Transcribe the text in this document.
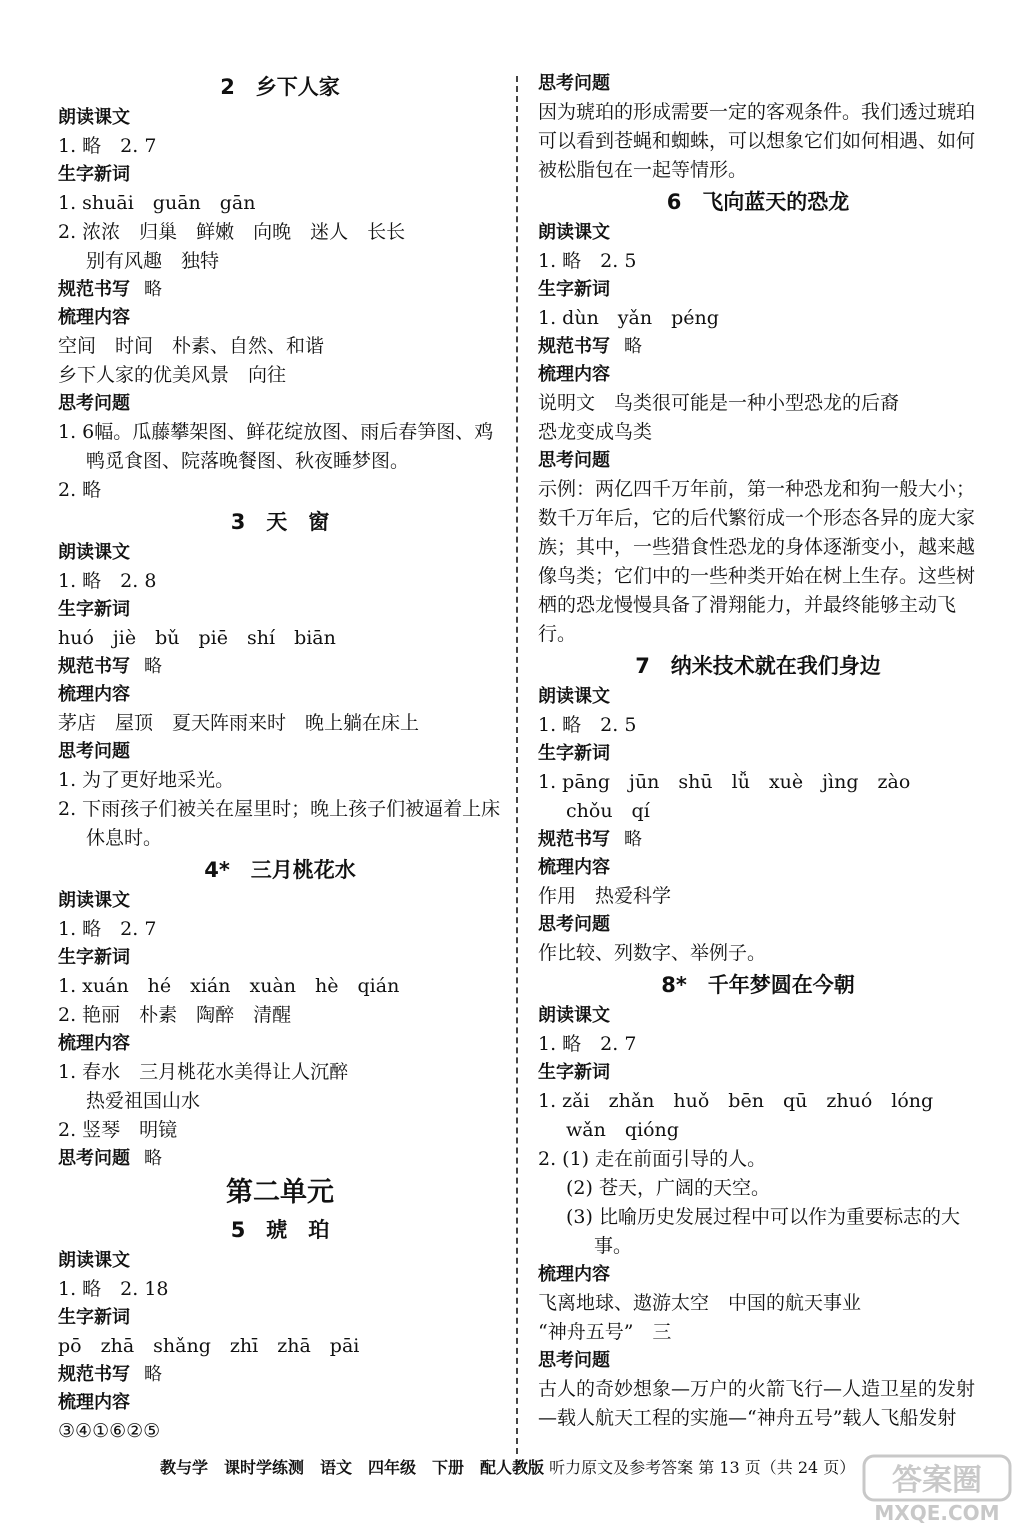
2　乡下人家
朗读课文
1. 略　2. 7
生字新词
1. shuāi　guān　gān
2. 浓浓　归巢　鲜嫩　向晚　迷人　长长
别有风趣　独特
规范书写 略
梳理内容
空间　时间　朴素、自然、和谐
乡下人家的优美风景　向往
思考问题
1. 6幅。瓜藤攀架图、鲜花绽放图、雨后春笋图、鸡鸭觅食图、院落晚餐图、秋夜睡梦图。
2. 略
3　天　窗
朗读课文
1. 略　2. 8
生字新词
huó　jiè　bǔ　piē　shí　biān
规范书写 略
梳理内容
茅店　屋顶　夏天阵雨来时　晚上躺在床上
思考问题
1. 为了更好地采光。
2. 下雨孩子们被关在屋里时；晚上孩子们被逼着上床休息时。
4*　三月桃花水
朗读课文
1. 略　2. 7
生字新词
1. xuán　hé　xián　xuàn　hè　qián
2. 艳丽　朴素　陶醉　清醒
梳理内容
1. 春水　三月桃花水美得让人沉醉
热爱祖国山水
2. 竖琴　明镜
思考问题 略
第二单元
5　琥　珀
朗读课文
1. 略　2. 18
生字新词
pō　zhā　shǎng　zhī　zhā　pāi
规范书写 略
梳理内容
③④①⑥②⑤
思考问题
因为琥珀的形成需要一定的客观条件。我们透过琥珀可以看到苍蝇和蜘蛛，可以想象它们如何相遇、如何被松脂包在一起等情形。
6　飞向蓝天的恐龙
朗读课文
1. 略　2. 5
生字新词
1. dùn　yǎn　péng
规范书写 略
梳理内容
说明文　鸟类很可能是一种小型恐龙的后裔
恐龙变成鸟类
思考问题
示例：两亿四千万年前，第一种恐龙和狗一般大小；数千万年后，它的后代繁衍成一个形态各异的庞大家族；其中，一些猎食性恐龙的身体逐渐变小，越来越像鸟类；它们中的一些种类开始在树上生存。这些树栖的恐龙慢慢具备了滑翔能力，并最终能够主动飞行。
7　纳米技术就在我们身边
朗读课文
1. 略　2. 5
生字新词
1. pāng　jūn　shū　lǚ　xuè　jìng　zào
chǒu　qí
规范书写 略
梳理内容
作用　热爱科学
思考问题
作比较、列数字、举例子。
8*　千年梦圆在今朝
朗读课文
1. 略　2. 7
生字新词
1. zǎi　zhǎn　huǒ　bēn　qū　zhuó　lóng
wǎn　qióng
2. (1) 走在前面引导的人。
(2) 苍天，广阔的天空。
(3) 比喻历史发展过程中可以作为重要标志的大事。
梳理内容
飞离地球、遨游太空　中国的航天事业
“神舟五号”　三
思考问题
古人的奇妙想象—万户的火箭飞行—人造卫星的发射—载人航天工程的实施—“神舟五号”载人飞船发射
教与学　课时学练测　语文　四年级　下册　配人教版 听力原文及参考答案 第 13 页（共 24 页） 答案圈
MXQE.COM
